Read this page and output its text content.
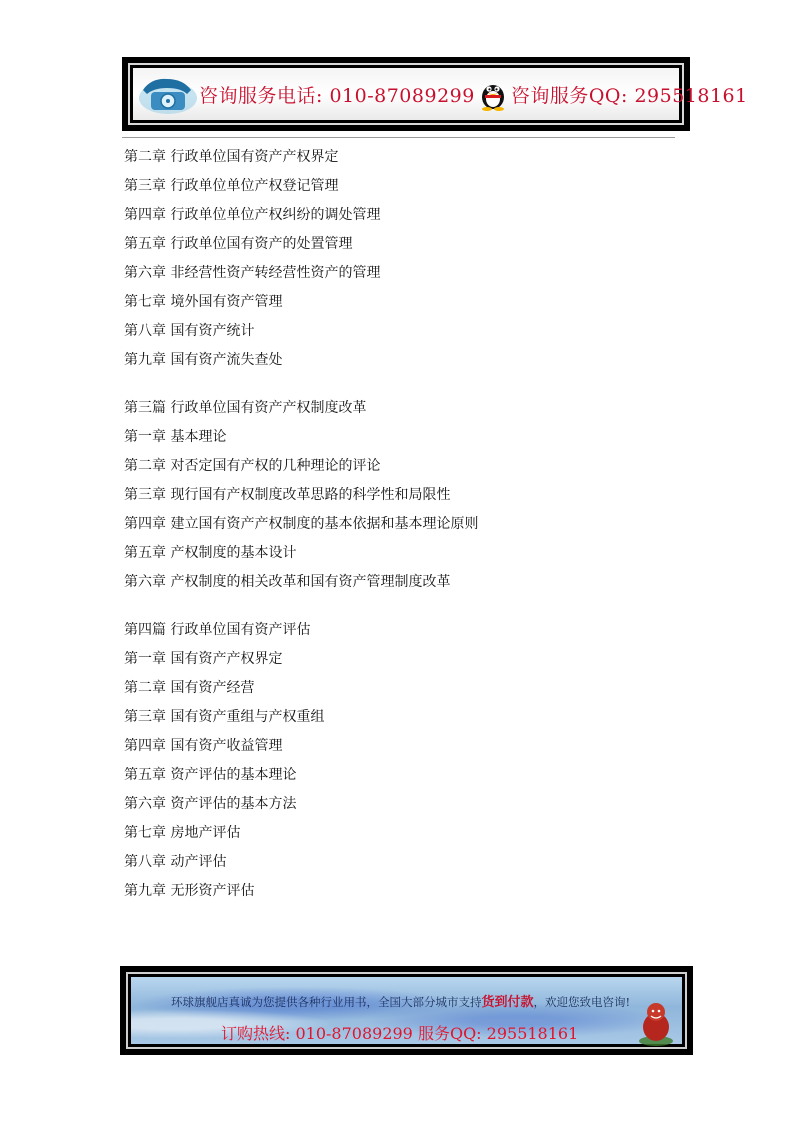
咨询服务电话: 010-87089299 咨询服务QQ: 295518161
第二章 行政单位国有资产产权界定
第三章 行政单位单位产权登记管理
第四章 行政单位单位产权纠纷的调处管理
第五章 行政单位国有资产的处置管理
第六章 非经营性资产转经营性资产的管理
第七章 境外国有资产管理
第八章 国有资产统计
第九章 国有资产流失查处
第三篇 行政单位国有资产产权制度改革
第一章 基本理论
第二章 对否定国有产权的几种理论的评论
第三章 现行国有产权制度改革思路的科学性和局限性
第四章 建立国有资产产权制度的基本依据和基本理论原则
第五章 产权制度的基本设计
第六章 产权制度的相关改革和国有资产管理制度改革
第四篇 行政单位国有资产评估
第一章 国有资产产权界定
第二章 国有资产经营
第三章 国有资产重组与产权重组
第四章 国有资产收益管理
第五章 资产评估的基本理论
第六章 资产评估的基本方法
第七章 房地产评估
第八章 动产评估
第九章 无形资产评估
环球旗舰店真诚为您提供各种行业用书，全国大部分城市支持货到付款，欢迎您致电咨询!
订购热线: 010-87089299 服务QQ: 295518161
